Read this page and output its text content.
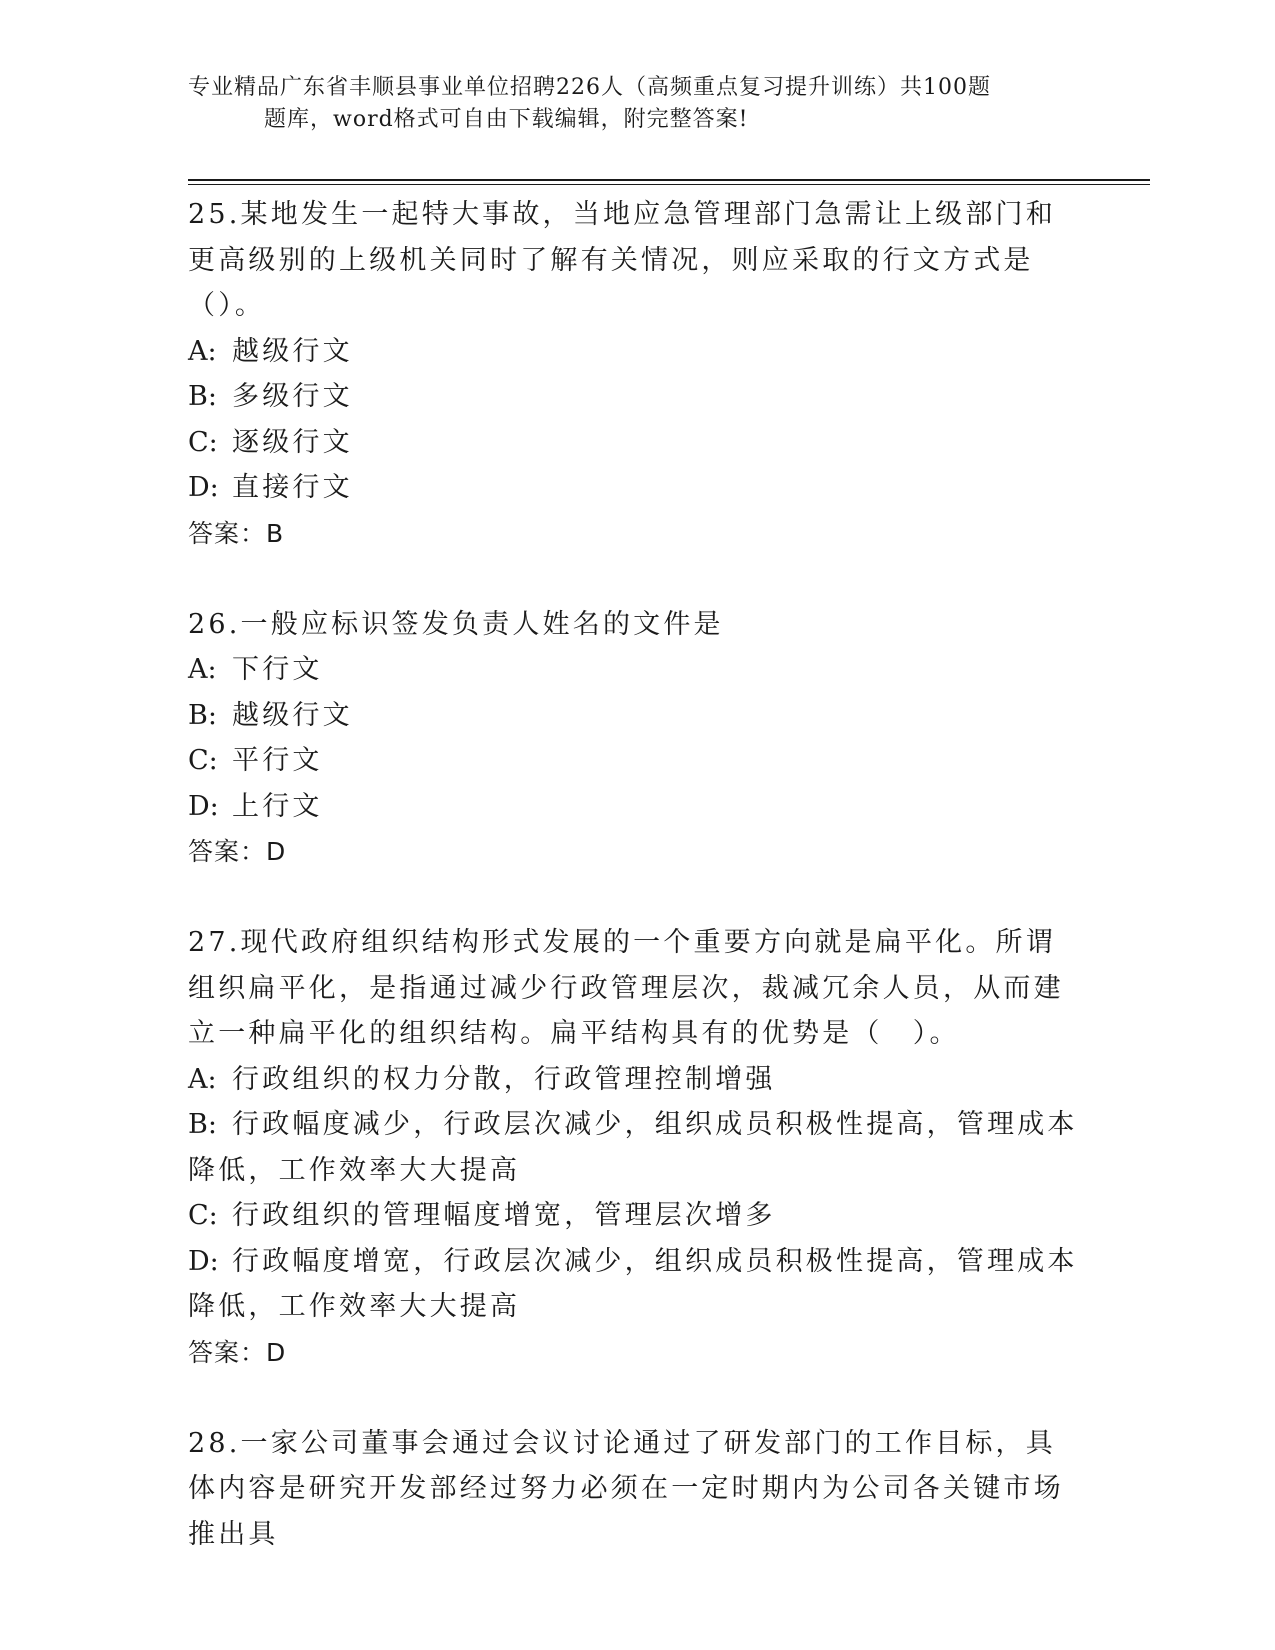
专业精品广东省丰顺县事业单位招聘226人（高频重点复习提升训练）共100题
题库，word格式可自由下载编辑，附完整答案!

25.某地发生一起特大事故，当地应急管理部门急需让上级部门和更高级别的上级机关同时了解有关情况，则应采取的行文方式是（）。

A: 越级行文

B: 多级行文

C: 逐级行文

D: 直接行文

答案：B

26.一般应标识签发负责人姓名的文件是

A: 下行文

B: 越级行文

C: 平行文

D: 上行文

答案：D

27.现代政府组织结构形式发展的一个重要方向就是扁平化。所谓组织扁平化，是指通过减少行政管理层次，裁减冗余人员，从而建立一种扁平化的组织结构。扁平结构具有的优势是（　）。

A: 行政组织的权力分散，行政管理控制增强

B: 行政幅度减少，行政层次减少，组织成员积极性提高，管理成本降低，工作效率大大提高

C: 行政组织的管理幅度增宽，管理层次增多

D: 行政幅度增宽，行政层次减少，组织成员积极性提高，管理成本降低，工作效率大大提高

答案：D

28.一家公司董事会通过会议讨论通过了研发部门的工作目标，具体内容是研究开发部经过努力必须在一定时期内为公司各关键市场推出具
